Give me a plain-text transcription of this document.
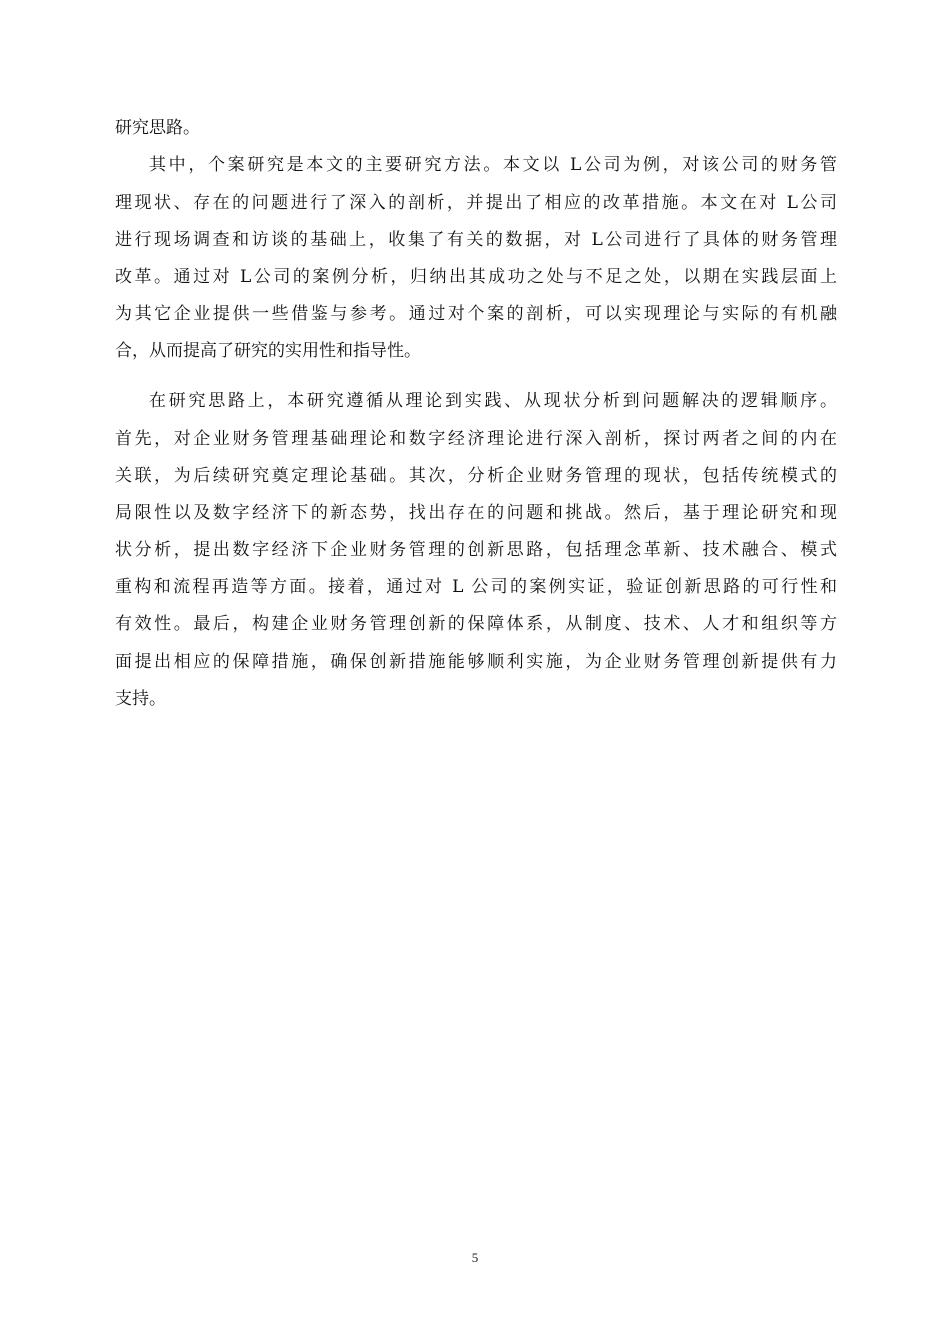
研究思路。
其中，个案研究是本文的主要研究方法。本文以 L公司为例，对该公司的财务管
理现状、存在的问题进行了深入的剖析，并提出了相应的改革措施。本文在对 L公司
进行现场调查和访谈的基础上，收集了有关的数据，对 L公司进行了具体的财务管理
改革。通过对 L公司的案例分析，归纳出其成功之处与不足之处，以期在实践层面上
为其它企业提供一些借鉴与参考。通过对个案的剖析，可以实现理论与实际的有机融
合，从而提高了研究的实用性和指导性。
在研究思路上，本研究遵循从理论到实践、从现状分析到问题解决的逻辑顺序。
首先，对企业财务管理基础理论和数字经济理论进行深入剖析，探讨两者之间的内在
关联，为后续研究奠定理论基础。其次，分析企业财务管理的现状，包括传统模式的
局限性以及数字经济下的新态势，找出存在的问题和挑战。然后，基于理论研究和现
状分析，提出数字经济下企业财务管理的创新思路，包括理念革新、技术融合、模式
重构和流程再造等方面。接着，通过对 L 公司的案例实证，验证创新思路的可行性和
有效性。最后，构建企业财务管理创新的保障体系，从制度、技术、人才和组织等方
面提出相应的保障措施，确保创新措施能够顺利实施，为企业财务管理创新提供有力
支持。
5
